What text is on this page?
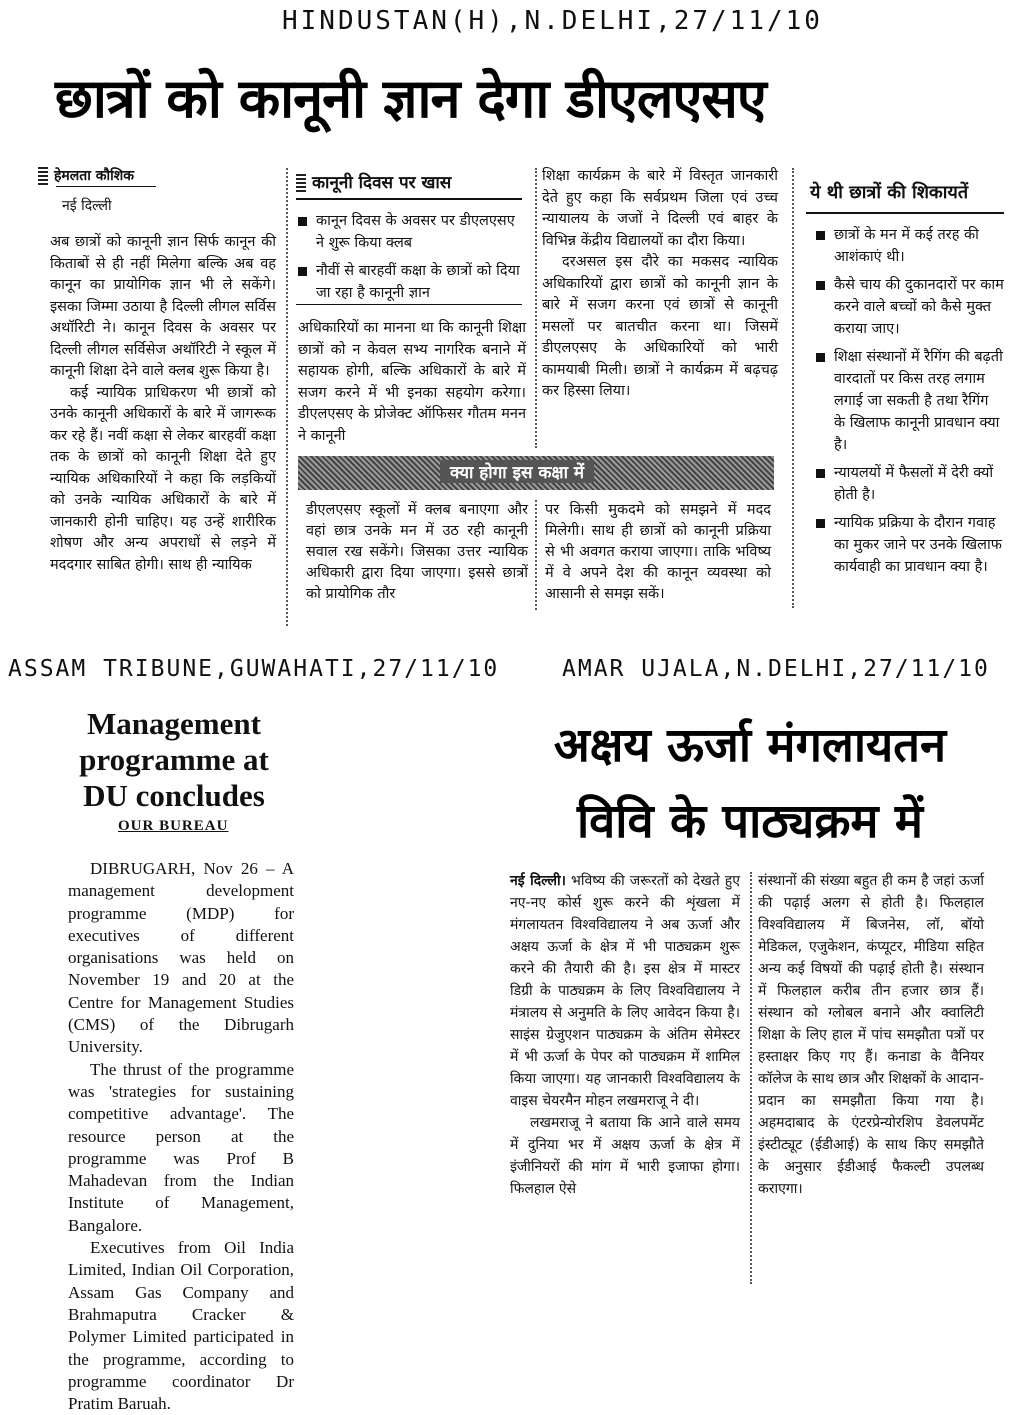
HINDUSTAN(H),N.DELHI,27/11/10
छात्रों को कानूनी ज्ञान देगा डीएलएसए
हेमलता कौशिक
नई दिल्ली

अब छात्रों को कानूनी ज्ञान सिर्फ कानून की किताबों से ही नहीं मिलेगा बल्कि अब वह कानून का प्रायोगिक ज्ञान भी ले सकेंगे। इसका जिम्मा उठाया है दिल्ली लीगल सर्विस अथॉरिटी ने। कानून दिवस के अवसर पर दिल्ली लीगल सर्विसेज अथॉरिटी ने स्कूल में कानूनी शिक्षा देने वाले क्लब शुरू किया है।

कई न्यायिक प्राधिकरण भी छात्रों को उनके कानूनी अधिकारों के बारे में जागरूक कर रहे हैं। नवीं कक्षा से लेकर बारहवीं कक्षा तक के छात्रों को कानूनी शिक्षा देते हुए न्यायिक अधिकारियों ने कहा कि लड़कियों को उनके न्यायिक अधिकारों के बारे में जानकारी होनी चाहिए। यह उन्हें शारीरिक शोषण और अन्य अपराधों से लड़ने में मददगार साबित होगी। साथ ही न्यायिक

कानूनी दिवस पर खास
कानून दिवस के अवसर पर डीएलएसए ने शुरू किया क्लब
नौवीं से बारहवीं कक्षा के छात्रों को दिया जा रहा है कानूनी ज्ञान

अधिकारियों का मानना था कि कानूनी शिक्षा छात्रों को न केवल सभ्य नागरिक बनाने में सहायक होगी, बल्कि अधिकारों के बारे में सजग करने में भी इनका सहयोग करेगा। डीएलएसए के प्रोजेक्ट ऑफिसर गौतम मनन ने कानूनी

शिक्षा कार्यक्रम के बारे में विस्तृत जानकारी देते हुए कहा कि सर्वप्रथम जिला एवं उच्च न्यायालय के जजों ने दिल्ली एवं बाहर के विभिन्न केंद्रीय विद्यालयों का दौरा किया।

दरअसल इस दौरे का मकसद न्यायिक अधिकारियों द्वारा छात्रों को कानूनी ज्ञान के बारे में सजग करना एवं छात्रों से कानूनी मसलों पर बातचीत करना था। जिसमें डीएलएसए के अधिकारियों को भारी कामयाबी मिली। छात्रों ने कार्यक्रम में बढ़चढ़ कर हिस्सा लिया।

क्या होगा इस कक्षा में

डीएलएसए स्कूलों में क्लब बनाएगा और वहां छात्र उनके मन में उठ रही कानूनी सवाल रख सकेंगे। जिसका उत्तर न्यायिक अधिकारी द्वारा दिया जाएगा। इससे छात्रों को प्रायोगिक तौर

पर किसी मुकदमे को समझने में मदद मिलेगी। साथ ही छात्रों को कानूनी प्रक्रिया से भी अवगत कराया जाएगा। ताकि भविष्य में वे अपने देश की कानून व्यवस्था को आसानी से समझ सकें।

ये थी छात्रों की शिकायतें
छात्रों के मन में कई तरह की आशंकाएं थी।
कैसे चाय की दुकानदारों पर काम करने वाले बच्चों को कैसे मुक्त कराया जाए।
शिक्षा संस्थानों में रैगिंग की बढ़ती वारदातों पर किस तरह लगाम लगाई जा सकती है तथा रैगिंग के खिलाफ कानूनी प्रावधान क्या है।
न्यायलयों में फैसलों में देरी क्यों होती है।
न्यायिक प्रक्रिया के दौरान गवाह का मुकर जाने पर उनके खिलाफ कार्यवाही का प्रावधान क्या है।
ASSAM TRIBUNE,GUWAHATI,27/11/10
Management
programme at
DU concludes
OUR BUREAU

DIBRUGARH, Nov 26 – A management development programme (MDP) for executives of different organisations was held on November 19 and 20 at the Centre for Management Studies (CMS) of the Dibrugarh University.

The thrust of the programme was 'strategies for sustaining competitive advantage'. The resource person at the programme was Prof B Mahadevan from the Indian Institute of Management, Bangalore.

Executives from Oil India Limited, Indian Oil Corporation, Assam Gas Company and Brahmaputra Cracker & Polymer Limited participated in the programme, according to programme coordinator Dr Pratim Baruah.

AMAR UJALA,N.DELHI,27/11/10
अक्षय ऊर्जा मंगलायतन
विवि के पाठ्यक्रम में

नई दिल्ली। भविष्य की जरूरतों को देखते हुए नए-नए कोर्स शुरू करने की शृंखला में मंगलायतन विश्वविद्यालय ने अब ऊर्जा और अक्षय ऊर्जा के क्षेत्र में भी पाठ्यक्रम शुरू करने की तैयारी की है। इस क्षेत्र में मास्टर डिग्री के पाठ्यक्रम के लिए विश्वविद्यालय ने मंत्रालय से अनुमति के लिए आवेदन किया है। साइंस ग्रेजुएशन पाठ्यक्रम के अंतिम सेमेस्टर में भी ऊर्जा के पेपर को पाठ्यक्रम में शामिल किया जाएगा। यह जानकारी विश्वविद्यालय के वाइस चेयरमैन मोहन लखमराजू ने दी।

लखमराजू ने बताया कि आने वाले समय में दुनिया भर में अक्षय ऊर्जा के क्षेत्र में इंजीनियरों की मांग में भारी इजाफा होगा। फिलहाल ऐसे

संस्थानों की संख्या बहुत ही कम है जहां ऊर्जा की पढ़ाई अलग से होती है। फिलहाल विश्वविद्यालय में बिजनेस, लॉ, बॉयो मेडिकल, एजुकेशन, कंप्यूटर, मीडिया सहित अन्य कई विषयों की पढ़ाई होती है। संस्थान में फिलहाल करीब तीन हजार छात्र हैं। संस्थान को ग्लोबल बनाने और क्वालिटी शिक्षा के लिए हाल में पांच समझौता पत्रों पर हस्ताक्षर किए गए हैं। कनाडा के वैनियर कॉलेज के साथ छात्र और शिक्षकों के आदान-प्रदान का समझौता किया गया है। अहमदाबाद के एंटरप्रेन्योरशिप डेवलपमेंट इंस्टीट्यूट (ईडीआई) के साथ किए समझौते के अनुसार ईडीआई फैकल्टी उपलब्ध कराएगा।
